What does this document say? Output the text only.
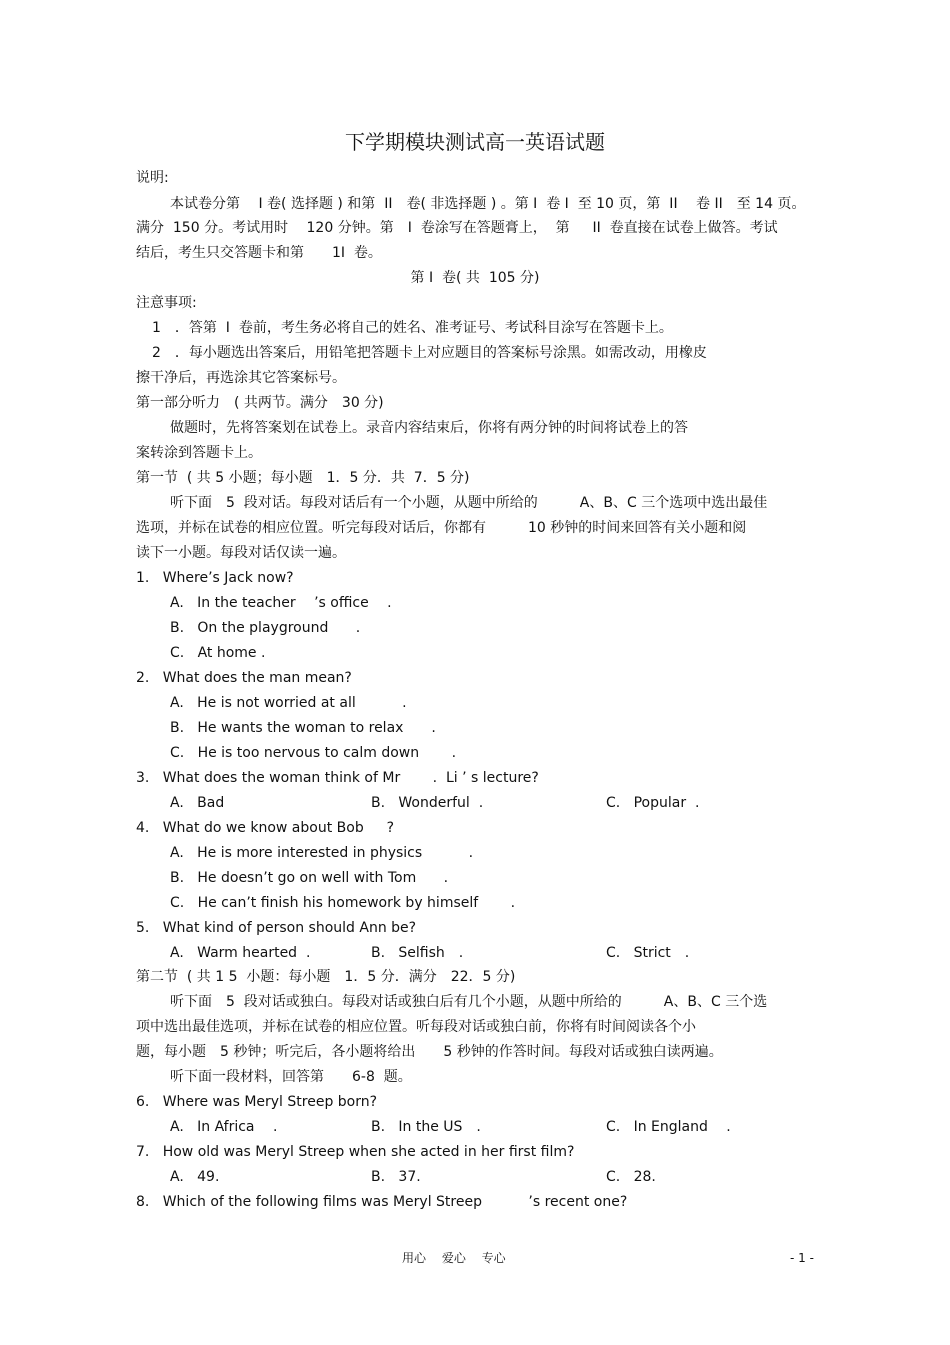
下学期模块测试高一英语试题
说明:
本试卷分第　 I 卷( 选择题 ) 和第  II　卷( 非选择题 ) 。第 I  卷 I  至 10 页，第  II　 卷 II　至 14 页。
满分  150 分。考试用时　 120 分钟。第　I  卷涂写在答题膏上，  第　  II  卷直接在试卷上做答。考试
结后，考生只交答题卡和第　　1I  卷。
第 I  卷( 共  105 分)
注意事项:
1　．答第  I  卷前，考生务必将自己的姓名、准考证号、考试科目涂写在答题卡上。
2　．每小题选出答案后，用铅笔把答题卡上对应题目的答案标号涂黑。如需改动，用橡皮
擦干净后，再选涂其它答案标号。
第一部分听力　( 共两节。满分　30 分)
做题时，先将答案划在试卷上。录音内容结束后，你将有两分钟的时间将试卷上的答
案转涂到答题卡上。
第一节  ( 共 5 小题；每小题　1．5 分．共  7．5 分)
听下面　5  段对话。每段对话后有一个小题，从题中所给的　　　A、B、C 三个选项中选出最佳
选项，并标在试卷的相应位置。听完每段对话后，你都有　　　10 秒钟的时间来回答有关小题和阅
读下一小题。每段对话仅读一遍。
1.   Where’s Jack now?
A.   In the teacher　 ’s office　 .
B.   On the playground　   .
C.   At home .
2.   What does the man mean?
A.   He is not worried at all　　　 .
B.   He wants the woman to relax　　.
C.   He is too nervous to calm down　　 .
3.   What does the woman think of Mr　　 .  Li ’ s lecture?
A.   Bad	B.   Wonderful  .	C.   Popular  .
4.   What do we know about Bob　  ?
A.   He is more interested in physics　　　 .
B.   He doesn’t go on well with Tom　   .
C.   He can’t finish his homework by himself　　 .
5.   What kind of person should Ann be?
A.   Warm hearted  .	B.   Selfish　.	C.   Strict　.
第二节  ( 共 1 5  小题：每小题　1．5 分．满分　22．5 分)
听下面　5  段对话或独白。每段对话或独白后有几个小题，从题中所给的　　　A、B、C 三个选
项中选出最佳选项，并标在试卷的相应位置。听每段对话或独白前，你将有时间阅读各个小
题，每小题　5 秒钟；听完后，各小题将给出　　5 秒钟的作答时间。每段对话或独白读两遍。
听下面一段材料，回答第　　6-8  题。
6.   Where was Meryl Streep born?
A.   In Africa　 .	B.   In the US　.	C.   In England　 .
7.   How old was Meryl Streep when she acted in her first film?
A.   49.	B.   37.	C.   28.
8.   Which of the following films was Meryl Streep　　　 ’s recent one?
用心　 爱心　 专心	- 1 -
